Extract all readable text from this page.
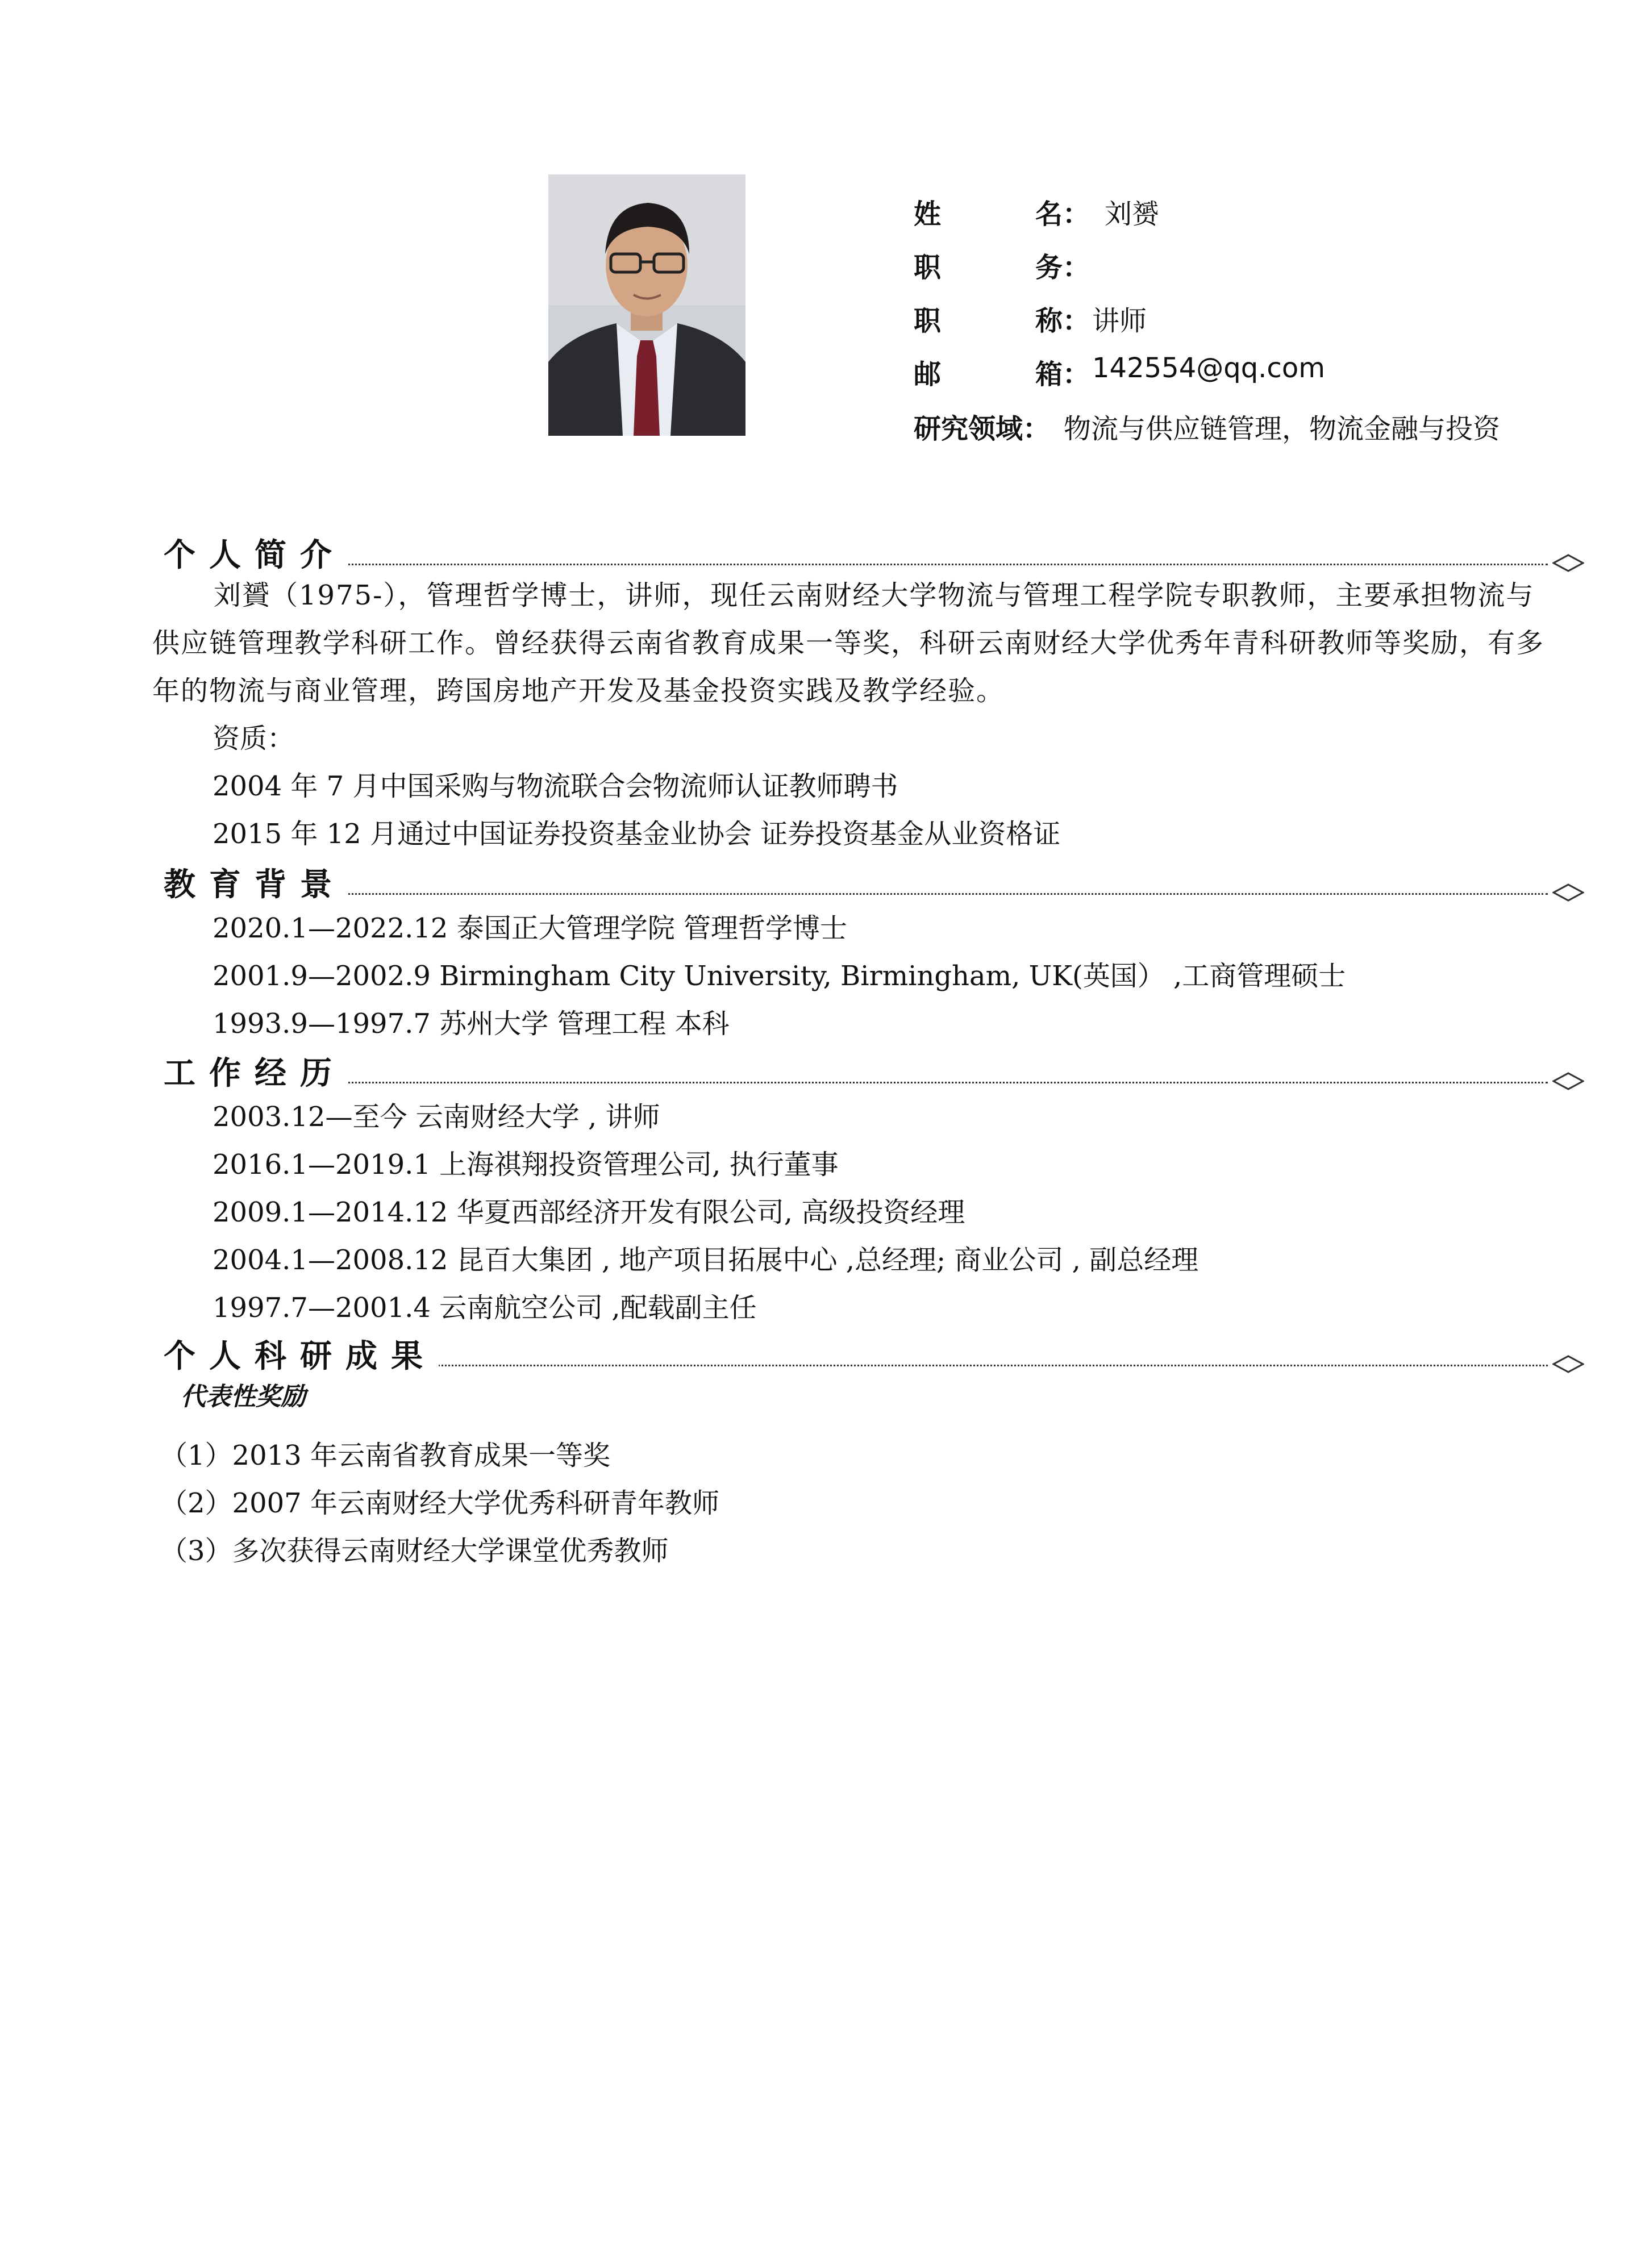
姓	名： 刘赟
职	务：
职	称： 讲师
邮	箱： 142554@qq.com
研究领域： 物流与供应链管理，物流金融与投资
个人简介
刘贇（1975-），管理哲学博士，讲师，现任云南财经大学物流与管理工程学院专职教师，主要承担物流与供应链管理教学科研工作。曾经获得云南省教育成果一等奖，科研云南财经大学优秀年青科研教师等奖励，有多年的物流与商业管理，跨国房地产开发及基金投资实践及教学经验。
资质：
2004 年 7 月中国采购与物流联合会物流师认证教师聘书
2015 年 12 月通过中国证券投资基金业协会 证券投资基金从业资格证
教育背景
2020.1—2022.12 泰国正大管理学院 管理哲学博士
2001.9—2002.9 Birmingham City University, Birmingham, UK(英国） ,工商管理硕士
1993.9—1997.7 苏州大学 管理工程 本科
工作经历
2003.12—至今 云南财经大学 , 讲师
2016.1—2019.1 上海祺翔投资管理公司, 执行董事
2009.1—2014.12 华夏西部经济开发有限公司, 高级投资经理
2004.1—2008.12 昆百大集团 , 地产项目拓展中心 ,总经理; 商业公司 , 副总经理
1997.7—2001.4 云南航空公司 ,配载副主任
个人科研成果
代表性奖励
（1）2013 年云南省教育成果一等奖
（2）2007 年云南财经大学优秀科研青年教师
（3）多次获得云南财经大学课堂优秀教师
